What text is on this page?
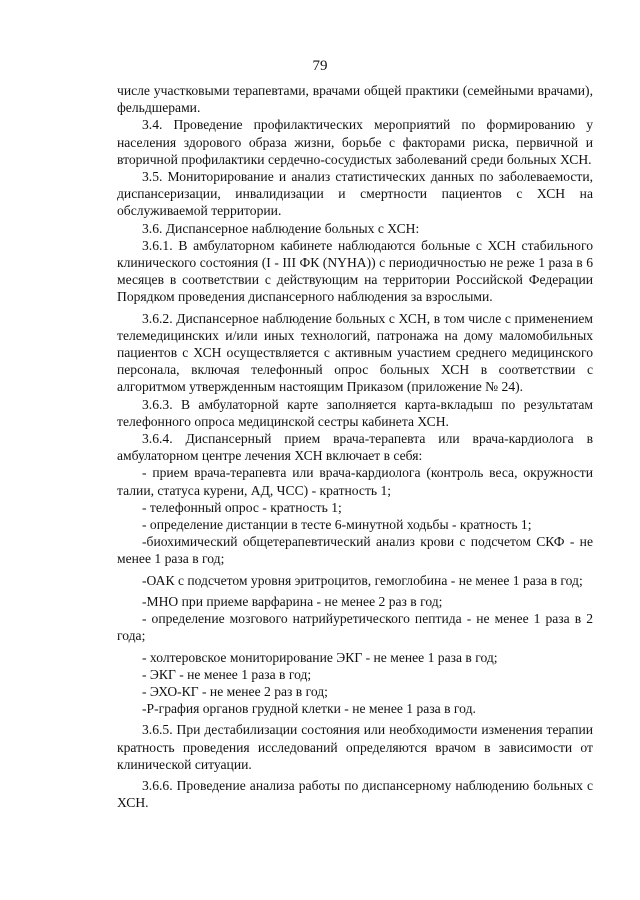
79

числе участковыми терапевтами, врачами общей практики (семейными врачами), фельдшерами.

3.4. Проведение профилактических мероприятий по формированию у населения здорового образа жизни, борьбе с факторами риска, первичной и вторичной профилактики сердечно-сосудистых заболеваний среди больных ХСН.

3.5. Мониторирование и анализ статистических данных по заболеваемости, диспансеризации, инвалидизации и смертности пациентов с ХСН на обслуживаемой территории.

3.6. Диспансерное наблюдение больных с ХСН:

3.6.1. В амбулаторном кабинете наблюдаются больные с ХСН стабильного клинического состояния (I - III ФК (NYHA)) с периодичностью не реже 1 раза в 6 месяцев в соответствии с действующим на территории Российской Федерации Порядком проведения диспансерного наблюдения за взрослыми.

3.6.2. Диспансерное наблюдение больных с ХСН, в том числе с применением телемедицинских и/или иных технологий, патронажа на дому маломобильных пациентов с ХСН осуществляется с активным участием среднего медицинского персонала, включая телефонный опрос больных ХСН в соответствии с алгоритмом утвержденным настоящим Приказом (приложение № 24).

3.6.3. В амбулаторной карте заполняется карта-вкладыш по результатам телефонного опроса медицинской сестры кабинета ХСН.

3.6.4. Диспансерный прием врача-терапевта или врача-кардиолога в амбулаторном центре лечения ХСН включает в себя:

- прием врача-терапевта или врача-кардиолога (контроль веса, окружности талии, статуса курени, АД, ЧСС) - кратность 1;

- телефонный опрос - кратность 1;

- определение дистанции в тесте 6-минутной ходьбы - кратность 1;

-биохимический общетерапевтический анализ крови с подсчетом СКФ - не менее 1 раза в год;

-ОАК с подсчетом уровня эритроцитов, гемоглобина - не менее 1 раза в год;

-МНО при приеме варфарина - не менее 2 раз в год;

- определение мозгового натрийуретического пептида - не менее 1 раза в 2 года;

- холтеровское мониторирование ЭКГ - не менее 1 раза в год;

- ЭКГ - не менее 1 раза в год;

- ЭХО-КГ - не менее 2 раз в год;

-Р-графия органов грудной клетки - не менее 1 раза в год.

3.6.5. При дестабилизации состояния или необходимости изменения терапии кратность проведения исследований определяются врачом в зависимости от клинической ситуации.

3.6.6. Проведение анализа работы по диспансерному наблюдению больных с ХСН.
